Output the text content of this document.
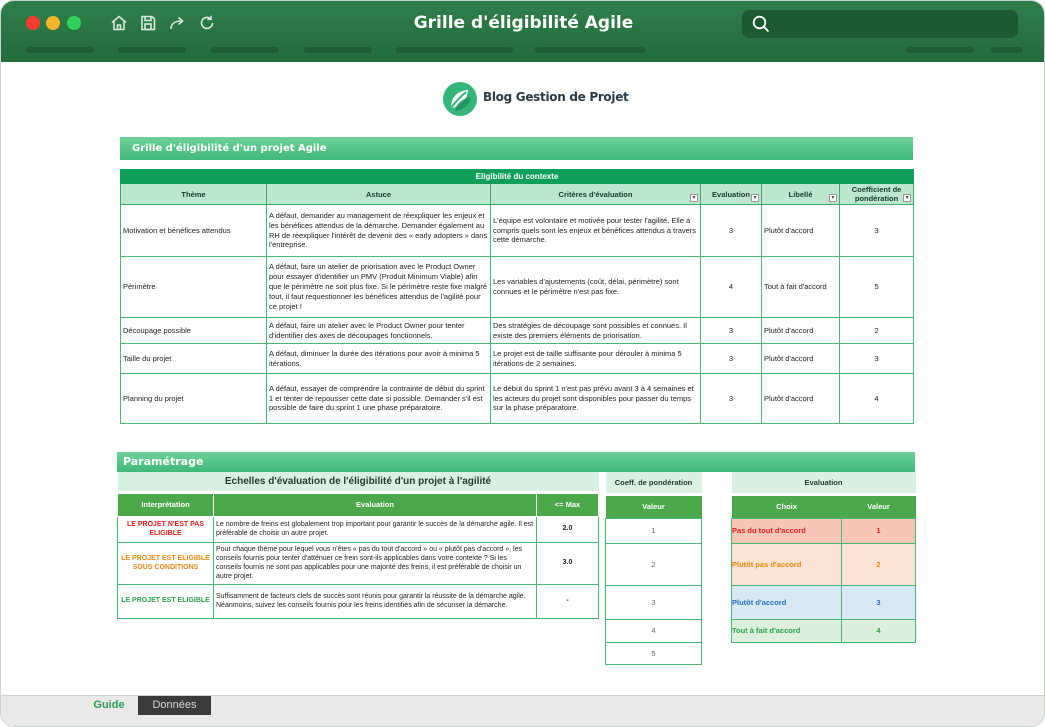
Grille d'éligibilité Agile
Blog Gestion de Projet
Grille d'éligibilité d'un projet Agile
Eligibilité du contexte					
Thème	Astuce	Critères d'évaluation ▼	Evaluation ▼	Libellé ▼	Coefficient de pondération ▼

Motivation et bénéfices attendus	A défaut, demander au management de réexpliquer les enjeux et les bénéfices attendus de la démarche. Demander également au RH de réexpliquer l'intérêt de devenir des « early adopters » dans l'entreprise.	L'équipe est volontaire et motivée pour tester l'agilité. Elle a compris quels sont les enjeux et bénéfices attendus à travers cette démarche.	3	Plutôt d'accord	3
Périmètre	A défaut, faire un atelier de priorisation avec le Product Owner pour essayer d'identifier un PMV (Produit Minimum Viable) afin que le périmètre ne soit plus fixe. Si le périmètre reste fixe malgré tout, il faut requestionner les bénéfices attendus de l'agilité pour ce projet !	Les variables d'ajustements (coût, délai, périmètre) sont connues et le périmètre n'est pas fixe.	4	Tout à fait d'accord	5
Découpage possible	A défaut, faire un atelier avec le Product Owner pour tenter d'identifier des axes de découpages fonctionnels.	Des stratégies de découpage sont possibles et connues. Il existe des premiers éléments de priorisation.	3	Plutôt d'accord	2
Taille du projet	A défaut, diminuer la durée des itérations pour avoir à minima 5 itérations.	Le projet est de taille suffisante pour dérouler à minima 5 itérations de 2 semaines.	3	Plutôt d'accord	3
Planning du projet	A défaut, essayer de comprendre la contrainte de début du sprint 1 et tenter de repousser cette date si possible. Demander s'il est possible de faire du sprint 1 une phase préparatoire.	Le début du sprint 1 n'est pas prévu avant 3 à 4 semaines et les acteurs du projet sont disponibles pour passer du temps sur la phase préparatoire.	3	Plutôt d'accord	4
Paramétrage
Echelles d'évaluation de l'éligibilité d'un projet à l'agilité		
Interprétation	Evaluation	<= Max
LE PROJET N'EST PAS ELIGIBLE	Le nombre de freins est globalement trop important pour garantir le succès de la démarche agile. Il est préférable de choisir un autre projet.	2.0
LE PROJET EST ELIGIBLE SOUS CONDITIONS	Pour chaque thème pour lequel vous n'êtes « pas du tout d'accord » ou « plutôt pas d'accord », les conseils fournis pour tenter d'atténuer ce frein sont-ils applicables dans votre contexte ? Si les conseils fournis ne sont pas applicables pour une majorité des freins, il est préférable de choisir un autre projet.	3.0
LE PROJET EST ELIGIBLE	Suffisamment de facteurs clefs de succès sont réunis pour garantir la réussite de la démarche agile. Néanmoins, suivez les conseils fournis pour les freins identifiés afin de sécuriser la démarche.	-
Coeff. de pondération
Valeur
1
2
3
4
5
Evaluation	
Choix	Valeur
Pas du tout d'accord	1
Plutôt pas d'accord	2
Plutôt d'accord	3
Tout à fait d'accord	4
Guide	Données
